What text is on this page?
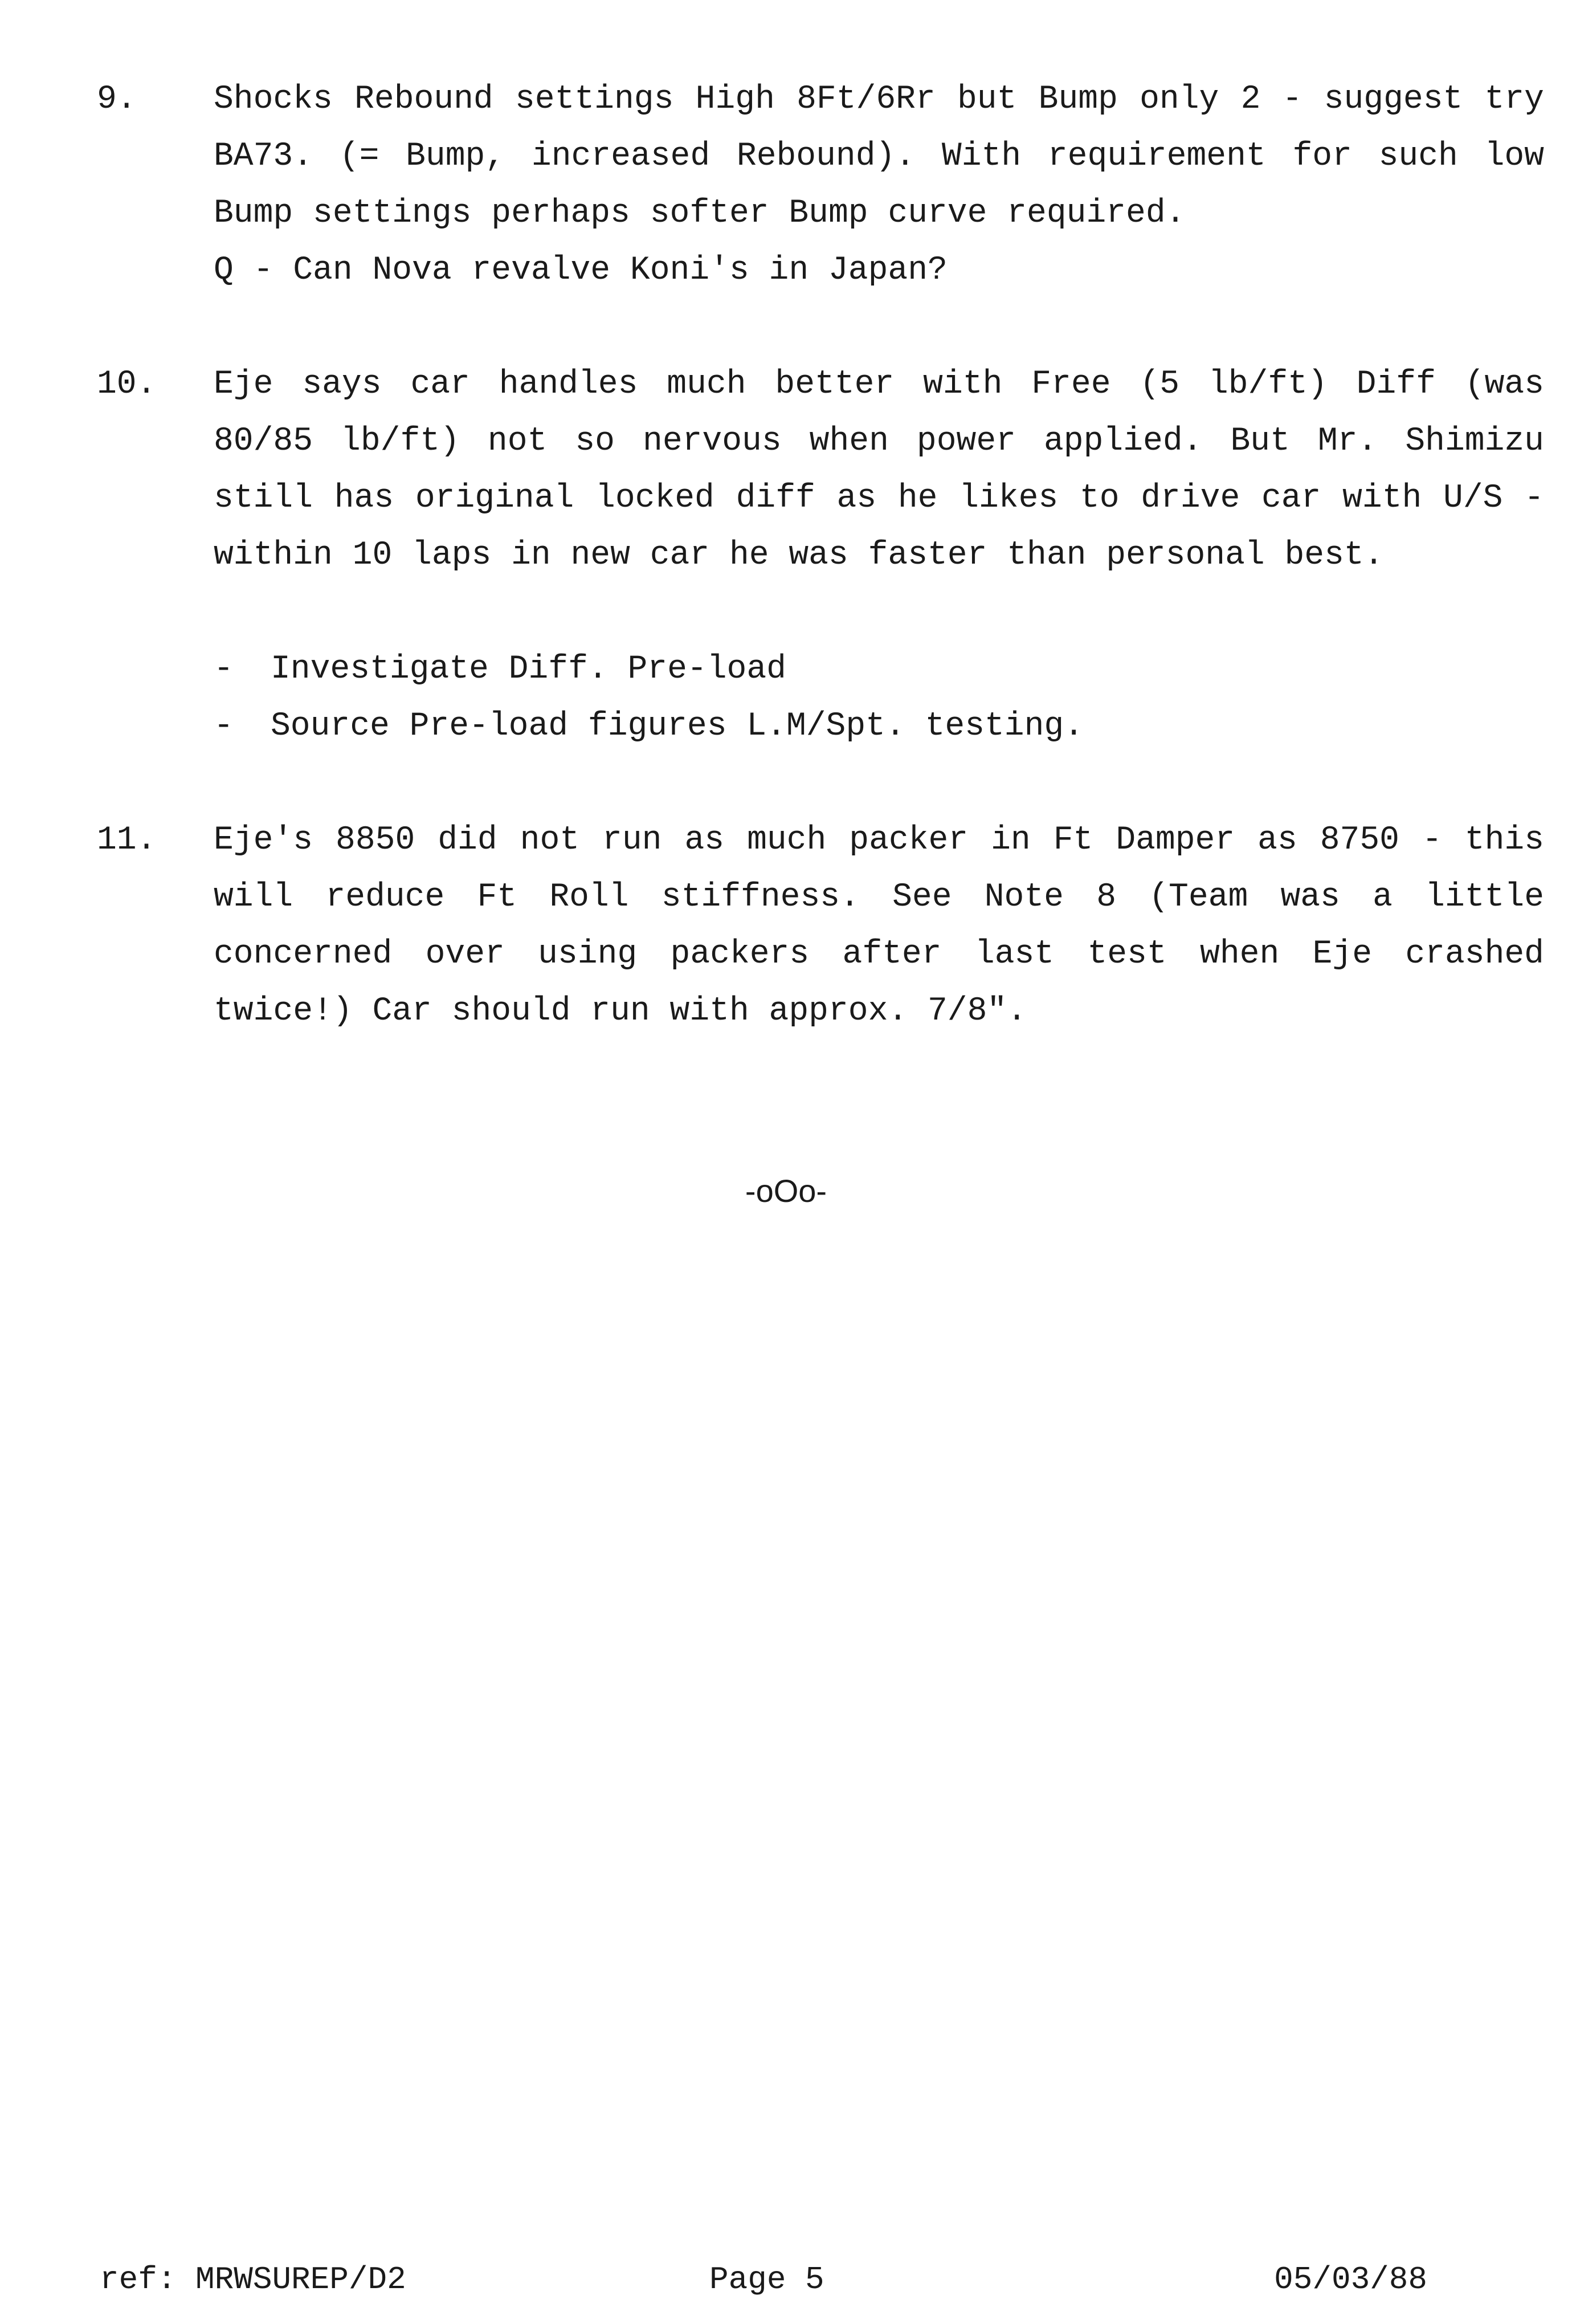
9. Shocks Rebound settings High 8Ft/6Rr but Bump only 2 - suggest try BA73. (= Bump, increased Rebound). With requirement for such low Bump settings perhaps softer Bump curve required.

Q - Can Nova revalve Koni's in Japan?

10. Eje says car handles much better with Free (5 lb/ft) Diff (was 80/85 lb/ft) not so nervous when power applied. But Mr. Shimizu still has original locked diff as he likes to drive car with U/S - within 10 laps in new car he was faster than personal best.

-	Investigate Diff. Pre-load
-	Source Pre-load figures L.M/Spt. testing.
11. Eje's 8850 did not run as much packer in Ft Damper as 8750 - this will reduce Ft Roll stiffness. See Note 8 (Team was a little concerned over using packers after last test when Eje crashed twice!) Car should run with approx. 7/8".

-oOo-
ref: MRWSUREP/D2	Page 5	05/03/88
